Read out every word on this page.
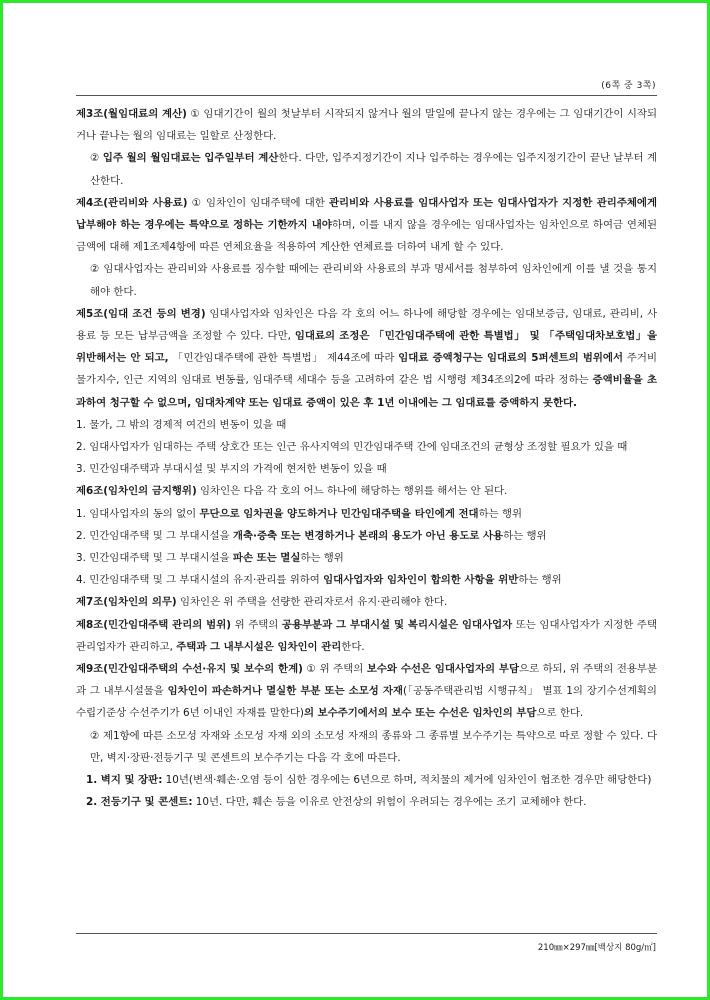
(6쪽 중 3쪽)

제3조(월임대료의 계산) ① 임대기간이 월의 첫날부터 시작되지 않거나 월의 말일에 끝나지 않는 경우에는 그 임대기간이 시작되거나 끝나는 월의 임대료는 일할로 산정한다.

② 입주 월의 월임대료는 입주일부터 계산한다. 다만, 입주지정기간이 지나 입주하는 경우에는 입주지정기간이 끝난 날부터 계산한다.

제4조(관리비와 사용료) ① 임차인이 임대주택에 대한 관리비와 사용료를 임대사업자 또는 임대사업자가 지정한 관리주체에게 납부해야 하는 경우에는 특약으로 정하는 기한까지 내야하며, 이를 내지 않을 경우에는 임대사업자는 임차인으로 하여금 연체된 금액에 대해 제1조제4항에 따른 연체요율을 적용하여 계산한 연체료를 더하여 내게 할 수 있다.

② 임대사업자는 관리비와 사용료를 징수할 때에는 관리비와 사용료의 부과 명세서를 첨부하여 임차인에게 이를 낼 것을 통지해야 한다.

제5조(임대 조건 등의 변경) 임대사업자와 임차인은 다음 각 호의 어느 하나에 해당할 경우에는 임대보증금, 임대료, 관리비, 사용료 등 모든 납부금액을 조정할 수 있다. 다만, 임대료의 조정은 「민간임대주택에 관한 특별법」 및 「주택임대차보호법」을 위반해서는 안 되고, 「민간임대주택에 관한 특별법」 제44조에 따라 임대료 증액청구는 임대료의 5퍼센트의 범위에서 주거비 물가지수, 인근 지역의 임대료 변동률, 임대주택 세대수 등을 고려하여 같은 법 시행령 제34조의2에 따라 정하는 증액비율을 초과하여 청구할 수 없으며, 임대차계약 또는 임대료 증액이 있은 후 1년 이내에는 그 임대료를 증액하지 못한다.

1. 물가, 그 밖의 경제적 여건의 변동이 있을 때

2. 임대사업자가 임대하는 주택 상호간 또는 인근 유사지역의 민간임대주택 간에 임대조건의 균형상 조정할 필요가 있을 때

3. 민간임대주택과 부대시설 및 부지의 가격에 현저한 변동이 있을 때

제6조(임차인의 금지행위) 임차인은 다음 각 호의 어느 하나에 해당하는 행위를 해서는 안 된다.

1. 임대사업자의 동의 없이 무단으로 임차권을 양도하거나 민간임대주택을 타인에게 전대하는 행위

2. 민간임대주택 및 그 부대시설을 개축·증축 또는 변경하거나 본래의 용도가 아닌 용도로 사용하는 행위

3. 민간임대주택 및 그 부대시설을 파손 또는 멸실하는 행위

4. 민간임대주택 및 그 부대시설의 유지·관리를 위하여 임대사업자와 임차인이 합의한 사항을 위반하는 행위

제7조(임차인의 의무) 임차인은 위 주택을 선량한 관리자로서 유지·관리해야 한다.

제8조(민간임대주택 관리의 범위) 위 주택의 공용부분과 그 부대시설 및 복리시설은 임대사업자 또는 임대사업자가 지정한 주택관리업자가 관리하고, 주택과 그 내부시설은 임차인이 관리한다.

제9조(민간임대주택의 수선·유지 및 보수의 한계) ① 위 주택의 보수와 수선은 임대사업자의 부담으로 하되, 위 주택의 전용부분과 그 내부시설물을 임차인이 파손하거나 멸실한 부분 또는 소모성 자재(「공동주택관리법 시행규칙」 별표 1의 장기수선계획의 수립기준상 수선주기가 6년 이내인 자재를 말한다)의 보수주기에서의 보수 또는 수선은 임차인의 부담으로 한다.

② 제1항에 따른 소모성 자재와 소모성 자재 외의 소모성 자재의 종류와 그 종류별 보수주기는 특약으로 따로 정할 수 있다. 다만, 벽지·장판·전등기구 및 콘센트의 보수주기는 다음 각 호에 따른다.

1. 벽지 및 장판: 10년(변색·훼손·오염 등이 심한 경우에는 6년으로 하며, 적치물의 제거에 임차인이 협조한 경우만 해당한다)

2. 전등기구 및 콘센트: 10년. 다만, 훼손 등을 이유로 안전상의 위험이 우려되는 경우에는 조기 교체해야 한다.

210㎜×297㎜[백상지 80g/㎡]
